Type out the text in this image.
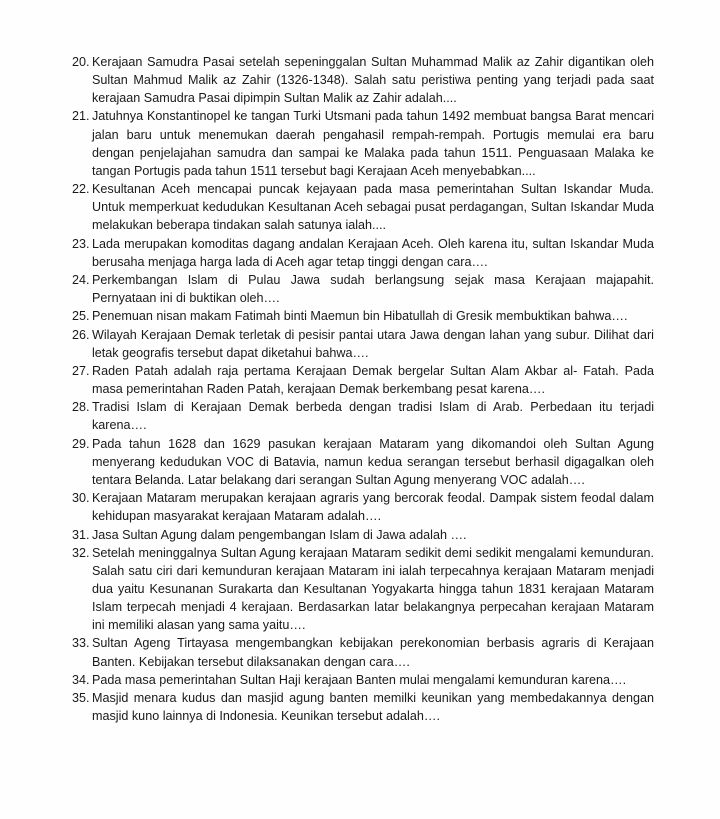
20. Kerajaan Samudra Pasai setelah sepeninggalan Sultan Muhammad Malik az Zahir digantikan oleh Sultan Mahmud Malik az Zahir (1326-1348). Salah satu peristiwa penting yang terjadi pada saat kerajaan Samudra Pasai dipimpin Sultan Malik az Zahir adalah....
21. Jatuhnya Konstantinopel ke tangan Turki Utsmani pada tahun 1492 membuat bangsa Barat mencari jalan baru untuk menemukan daerah pengahasil rempah-rempah. Portugis memulai era baru dengan penjelajahan samudra dan sampai ke Malaka pada tahun 1511. Penguasaan Malaka ke tangan Portugis pada tahun 1511 tersebut bagi Kerajaan Aceh menyebabkan....
22. Kesultanan Aceh mencapai puncak kejayaan pada masa pemerintahan Sultan Iskandar Muda. Untuk memperkuat kedudukan Kesultanan Aceh sebagai pusat perdagangan, Sultan Iskandar Muda melakukan beberapa tindakan salah satunya ialah....
23. Lada merupakan komoditas dagang andalan Kerajaan Aceh. Oleh karena itu, sultan Iskandar Muda berusaha menjaga harga lada di Aceh agar tetap tinggi dengan cara….
24. Perkembangan Islam di Pulau Jawa sudah berlangsung sejak masa Kerajaan majapahit. Pernyataan ini di buktikan oleh….
25. Penemuan nisan makam Fatimah binti Maemun bin Hibatullah di Gresik membuktikan bahwa….
26. Wilayah Kerajaan Demak terletak di pesisir pantai utara Jawa dengan lahan yang subur. Dilihat dari letak geografis tersebut dapat diketahui bahwa….
27. Raden Patah adalah raja pertama Kerajaan Demak bergelar Sultan Alam Akbar al- Fatah. Pada masa pemerintahan Raden Patah, kerajaan Demak berkembang pesat karena….
28. Tradisi Islam di Kerajaan Demak berbeda dengan tradisi Islam di Arab. Perbedaan itu terjadi karena….
29. Pada tahun 1628 dan 1629 pasukan kerajaan Mataram yang dikomandoi oleh Sultan Agung menyerang kedudukan VOC di Batavia, namun kedua serangan tersebut berhasil digagalkan oleh tentara Belanda. Latar belakang dari serangan Sultan Agung menyerang VOC adalah….
30. Kerajaan Mataram merupakan kerajaan agraris yang bercorak feodal. Dampak sistem feodal dalam kehidupan masyarakat kerajaan Mataram adalah….
31. Jasa Sultan Agung dalam pengembangan Islam di Jawa adalah ….
32. Setelah meninggalnya Sultan Agung kerajaan Mataram sedikit demi sedikit mengalami kemunduran. Salah satu ciri dari kemunduran kerajaan Mataram ini ialah terpecahnya kerajaan Mataram menjadi dua yaitu Kesunanan Surakarta dan Kesultanan Yogyakarta hingga tahun 1831 kerajaan Mataram Islam terpecah menjadi 4 kerajaan. Berdasarkan latar belakangnya perpecahan kerajaan Mataram ini memiliki alasan yang sama yaitu….
33. Sultan Ageng Tirtayasa mengembangkan kebijakan perekonomian berbasis agraris di Kerajaan Banten. Kebijakan tersebut dilaksanakan dengan cara….
34. Pada masa pemerintahan Sultan Haji kerajaan Banten mulai mengalami kemunduran karena….
35. Masjid menara kudus dan masjid agung banten memilki keunikan yang membedakannya dengan masjid kuno lainnya di Indonesia. Keunikan tersebut adalah….
